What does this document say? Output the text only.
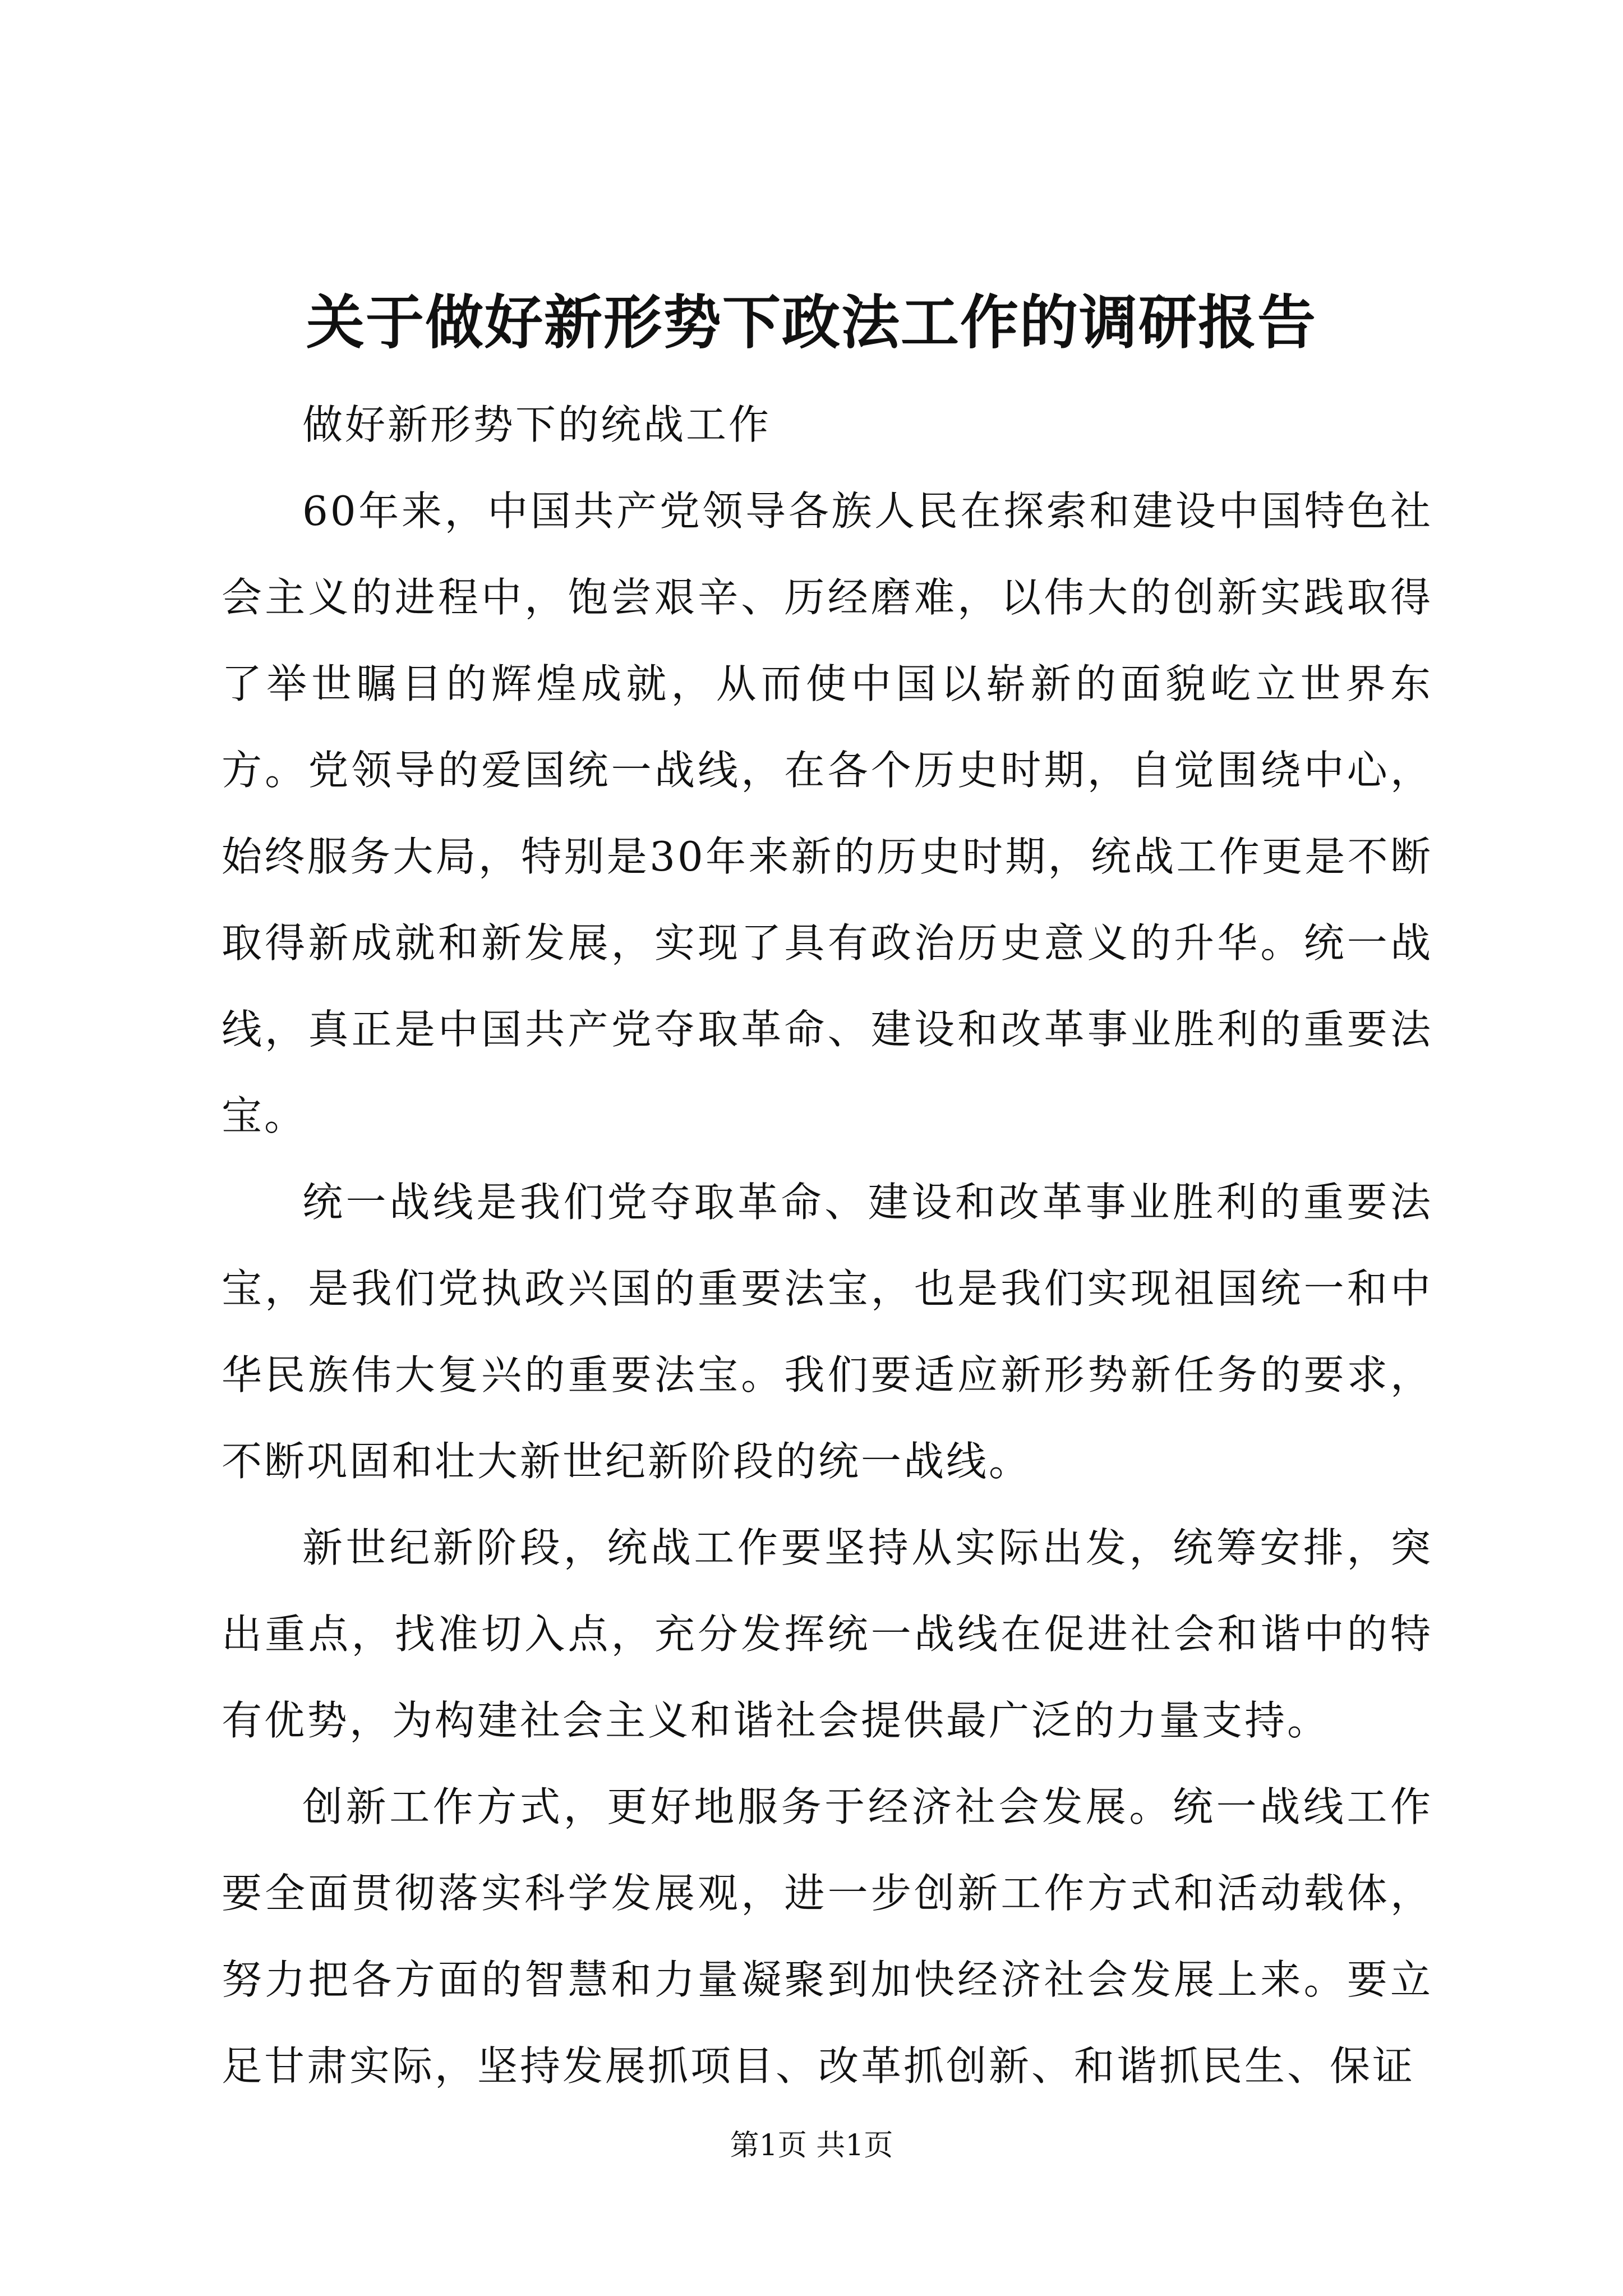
关于做好新形势下政法工作的调研报告

做好新形势下的统战工作

60年来，中国共产党领导各族人民在探索和建设中国特色社会主义的进程中，饱尝艰辛、历经磨难，以伟大的创新实践取得了举世瞩目的辉煌成就，从而使中国以崭新的面貌屹立世界东方。党领导的爱国统一战线，在各个历史时期，自觉围绕中心，始终服务大局，特别是30年来新的历史时期，统战工作更是不断取得新成就和新发展，实现了具有政治历史意义的升华。统一战线，真正是中国共产党夺取革命、建设和改革事业胜利的重要法宝。

统一战线是我们党夺取革命、建设和改革事业胜利的重要法宝，是我们党执政兴国的重要法宝，也是我们实现祖国统一和中华民族伟大复兴的重要法宝。我们要适应新形势新任务的要求，不断巩固和壮大新世纪新阶段的统一战线。

新世纪新阶段，统战工作要坚持从实际出发，统筹安排，突出重点，找准切入点，充分发挥统一战线在促进社会和谐中的特有优势，为构建社会主义和谐社会提供最广泛的力量支持。

创新工作方式，更好地服务于经济社会发展。统一战线工作要全面贯彻落实科学发展观，进一步创新工作方式和活动载体，努力把各方面的智慧和力量凝聚到加快经济社会发展上来。要立足甘肃实际，坚持发展抓项目、改革抓创新、和谐抓民生、保证

第1页 共1页
